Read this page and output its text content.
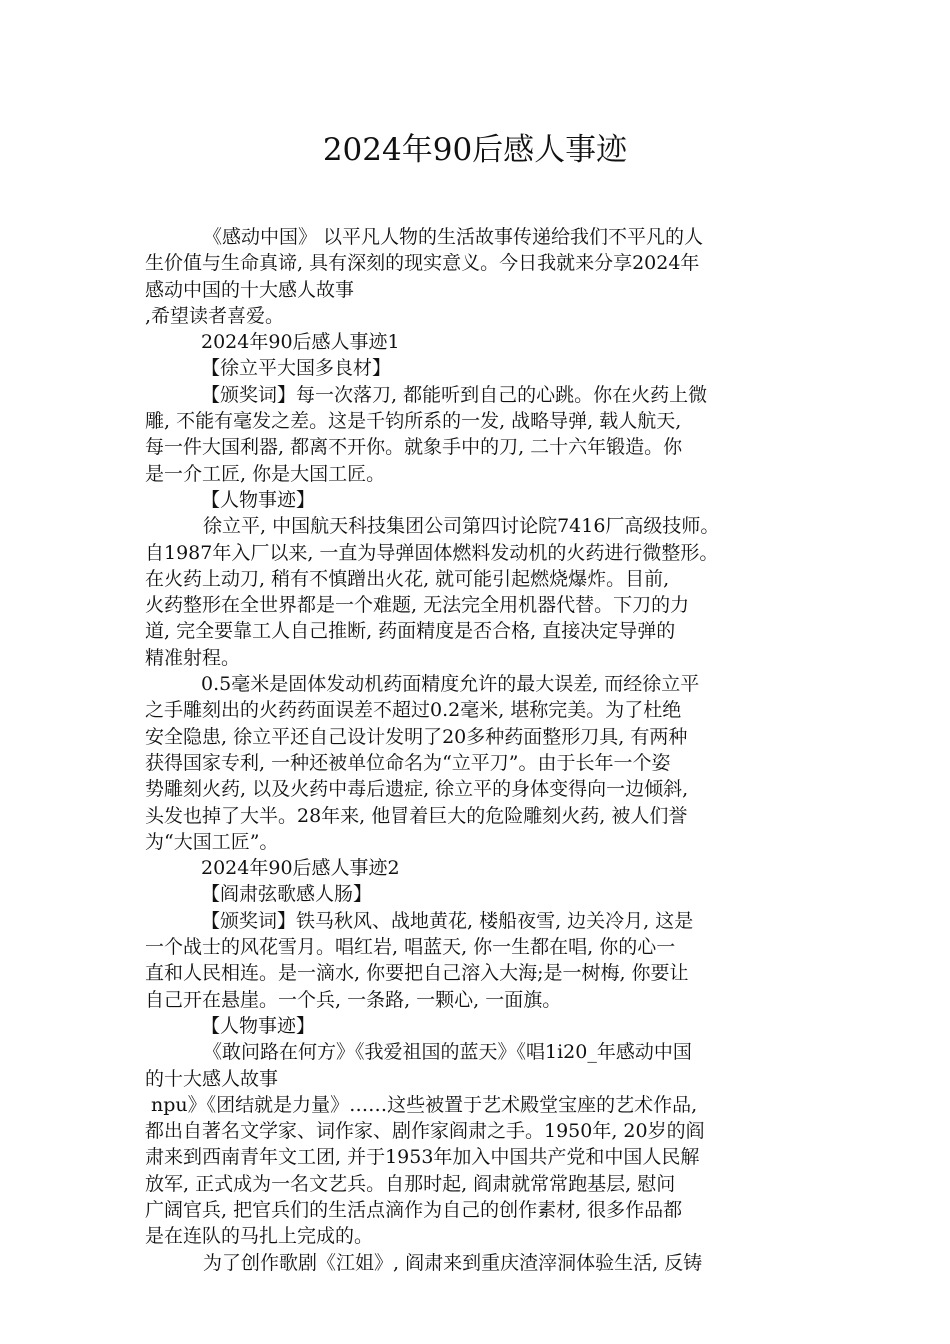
2024年90后感人事迹
《感动中国》 以平凡人物的生活故事传递给我们不平凡的人
生价值与生命真谛, 具有深刻的现实意义。今日我就来分享2024年
感动中国的十大感人故事
,希望读者喜爱。
2024年90后感人事迹1
【徐立平大国多良材】
【颁奖词】每一次落刀, 都能听到自己的心跳。你在火药上微
雕, 不能有毫发之差。这是千钧所系的一发, 战略导弹, 载人航天,
每一件大国利器, 都离不开你。就象手中的刀, 二十六年锻造。你
是一介工匠, 你是大国工匠。
【人物事迹】
徐立平, 中国航天科技集团公司第四讨论院7416厂高级技师。
自1987年入厂以来, 一直为导弹固体燃料发动机的火药进行微整形。
在火药上动刀, 稍有不慎蹭出火花, 就可能引起燃烧爆炸。目前,
火药整形在全世界都是一个难题, 无法完全用机器代替。下刀的力
道, 完全要靠工人自己推断, 药面精度是否合格, 直接决定导弹的
精准射程。
0.5毫米是固体发动机药面精度允许的最大误差, 而经徐立平
之手雕刻出的火药药面误差不超过0.2毫米, 堪称完美。为了杜绝
安全隐患, 徐立平还自己设计发明了20多种药面整形刀具, 有两种
获得国家专利, 一种还被单位命名为“立平刀”。由于长年一个姿
势雕刻火药, 以及火药中毒后遗症, 徐立平的身体变得向一边倾斜,
头发也掉了大半。28年来, 他冒着巨大的危险雕刻火药, 被人们誉
为“大国工匠”。
2024年90后感人事迹2
【阎肃弦歌感人肠】
【颁奖词】铁马秋风、战地黄花, 楼船夜雪, 边关冷月, 这是
一个战士的风花雪月。唱红岩, 唱蓝天, 你一生都在唱, 你的心一
直和人民相连。是一滴水, 你要把自己溶入大海;是一树梅, 你要让
自己开在悬崖。一个兵, 一条路, 一颗心, 一面旗。
【人物事迹】
《敢问路在何方》《我爱祖国的蓝天》《唱1i20_年感动中国
的十大感人故事
npu》《团结就是力量》……这些被置于艺术殿堂宝座的艺术作品,
都出自著名文学家、词作家、剧作家阎肃之手。1950年, 20岁的阎
肃来到西南青年文工团, 并于1953年加入中国共产党和中国人民解
放军, 正式成为一名文艺兵。自那时起, 阎肃就常常跑基层, 慰问
广阔官兵, 把官兵们的生活点滴作为自己的创作素材, 很多作品都
是在连队的马扎上完成的。
为了创作歌剧《江姐》, 阎肃来到重庆渣滓洞体验生活, 反铸
